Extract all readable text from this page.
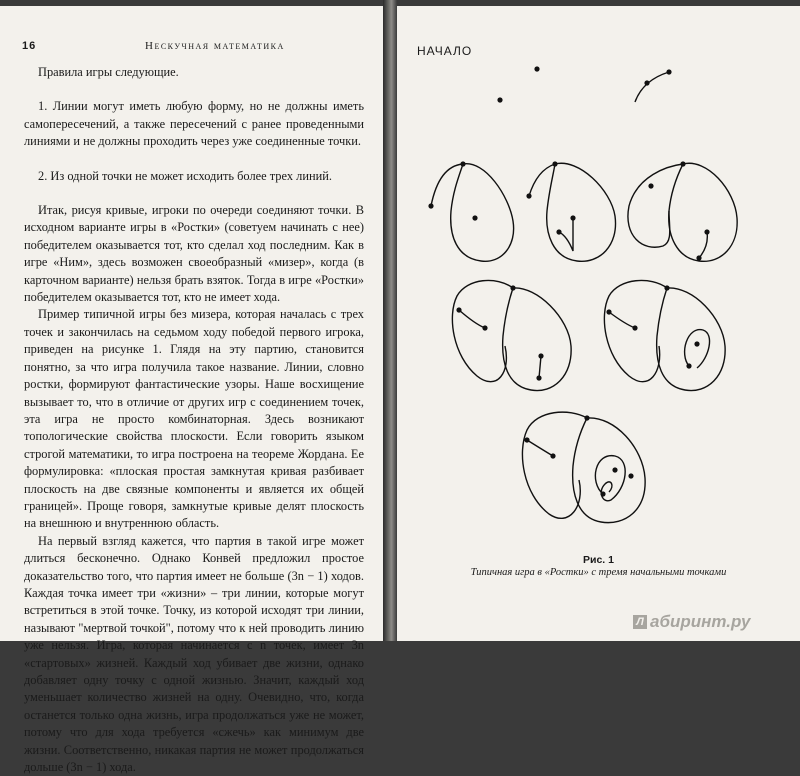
16	Нескучная математика

Правила игры следующие.

1. Линии могут иметь любую форму, но не должны иметь самопересечений, а также пересечений с ранее проведенными линиями и не должны проходить через уже соединенные точки.

2. Из одной точки не может исходить более трех линий.

Итак, рисуя кривые, игроки по очереди соединяют точки. В исходном варианте игры в «Ростки» (советуем начинать с нее) победителем оказывается тот, кто сделал ход последним. Как в игре «Ним», здесь возможен своеобразный «мизер», когда (в карточном варианте) нельзя брать взяток. Тогда в игре «Ростки» победителем оказывается тот, кто не имеет хода.

Пример типичной игры без мизера, которая началась с трех точек и закончилась на седьмом ходу победой первого игрока, приведен на рисунке 1. Глядя на эту партию, становится понятно, за что игра получила такое название. Линии, словно ростки, формируют фантастические узоры. Наше восхищение вызывает то, что в отличие от других игр с соединением точек, эта игра не просто комбинаторная. Здесь возникают топологические свойства плоскости. Если говорить языком строгой математики, то игра построена на теореме Жордана. Ее формулировка: «плоская простая замкнутая кривая разбивает плоскость на две связные компоненты и является их общей границей». Проще говоря, замкнутые кривые делят плоскость на внешнюю и внутреннюю область.

На первый взгляд кажется, что партия в такой игре может длиться бесконечно. Однако Конвей предложил простое доказательство того, что партия имеет не больше (3n − 1) ходов. Каждая точка имеет три «жизни» – три линии, которые могут встретиться в этой точке. Точку, из которой исходят три линии, называют "мертвой точкой", потому что к ней проводить линию уже нельзя. Игра, которая начинается с n точек, имеет 3n «стартовых» жизней. Каждый ход убивает две жизни, однако добавляет одну точку с одной жизнью. Значит, каждый ход уменьшает количество жизней на одну. Очевидно, что, когда останется только одна жизнь, игра продолжаться уже не может, потому что для хода требуется «сжечь» как минимум две жизни. Соответственно, никакая партия не может продолжаться дольше (3n − 1) хода.

НАЧАЛО
Рис. 1
Типичная игра в «Ростки» с тремя начальными точками
Л абиринт.ру
